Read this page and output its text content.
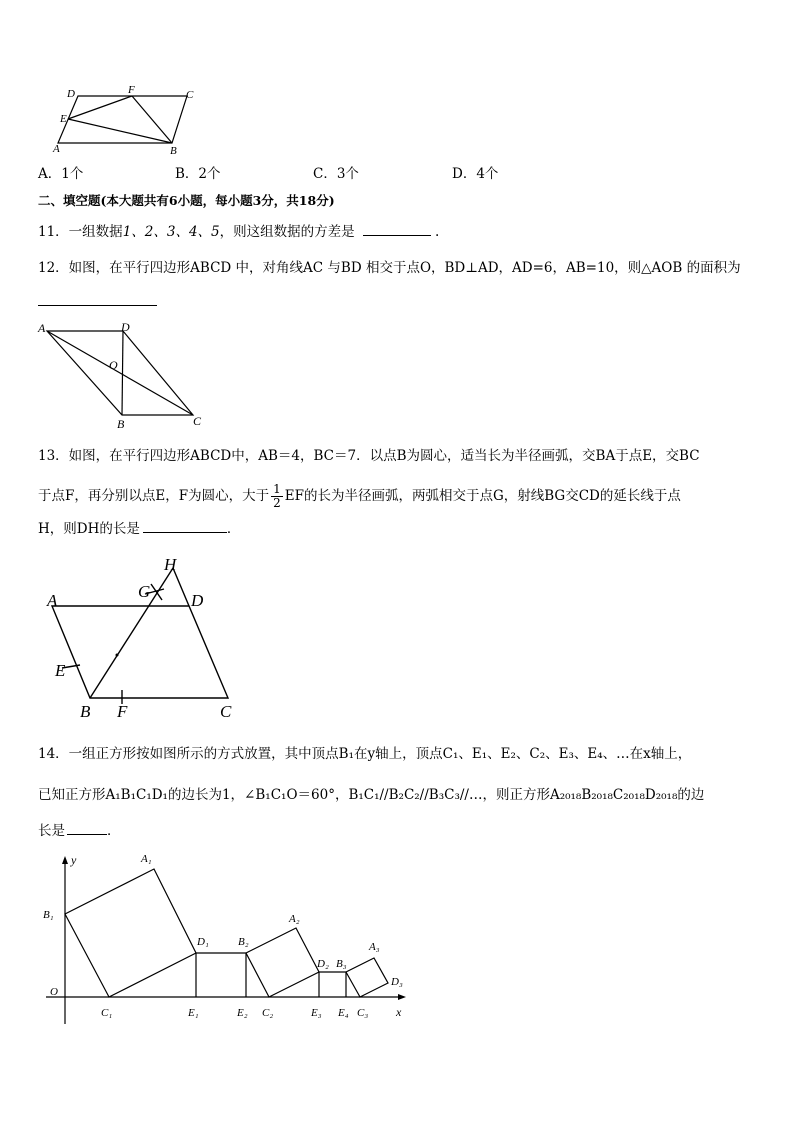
D	F	C
E
A	B
A．1个	B．2个	C．3个	D．4个
二、填空题(本大题共有6小题，每小题3分，共18分)
11．一组数据1、2、3、4、5，则这组数据的方差是	.
12．如图，在平行四边形ABCD 中，对角线AC 与BD 相交于点O，BD⊥AD，AD=6，AB=10，则△AOB 的面积为
A	D
O
B	C
13．如图，在平行四边形ABCD中，AB＝4，BC＝7．以点B为圆心，适当长为半径画弧，交BA于点E，交BC
于点F，再分别以点E，F为圆心，大于 $\frac{1}{2}$ EF的长为半径画弧，两弧相交于点G，射线BG交CD的延长线于点
H，则DH的长是	．
H
G
A	D
E
B F	C
14．一组正方形按如图所示的方式放置，其中顶点B₁在y轴上，顶点C₁、E₁、E₂、C₂、E₃、E₄、…在x轴上，
已知正方形A₁B₁C₁D₁的边长为1，∠B₁C₁O＝60°，B₁C₁//B₂C₂//B₃C₃//…，则正方形A₂₀₁₈B₂₀₁₈C₂₀₁₈D₂₀₁₈的边
长是	．
y	A₁
B₁
D₁	B₂
A₂
D₂ B₃
A₃
D₃
O
C₁	E₁	E₂ C₂	E₃ E₄ C₃ x
